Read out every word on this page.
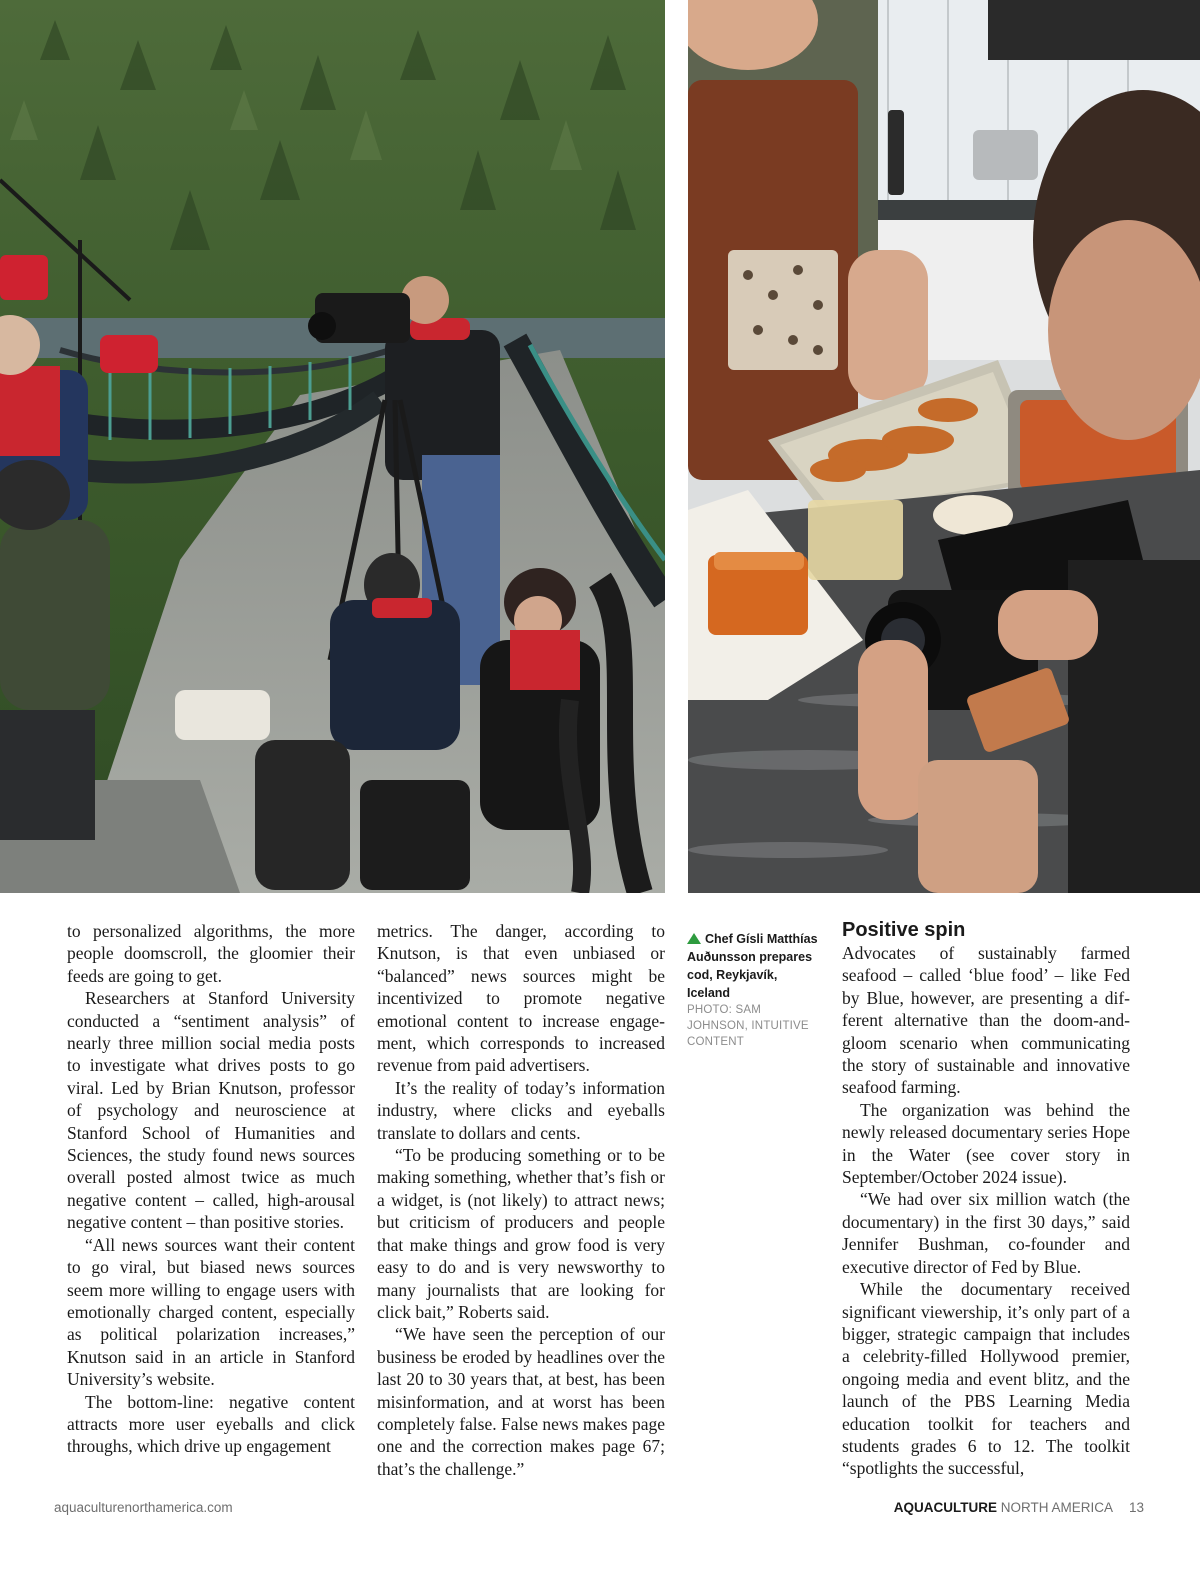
to personalized algorithms, the more people doomscroll, the gloomier their feeds are going to get.

Researchers at Stanford University conducted a “sentiment analysis” of nearly three million social media posts to investigate what drives posts to go viral. Led by Brian Knutson, professor of psychology and neuroscience at Stanford School of Humanities and Sciences, the study found news sources overall posted almost twice as much negative content – called, high-arousal negative content – than positive stories.

“All news sources want their content to go viral, but biased news sources seem more willing to engage users with emotionally charged content, especially as political polarization increases,” Knutson said in an article in Stanford University’s website.

The bottom-line: negative content attracts more user eyeballs and click throughs, which drive up engagement

metrics. The danger, according to Knutson, is that even unbiased or “balanced” news sources might be incentivized to promote negative emotional content to increase engagement, which corresponds to increased revenue from paid advertisers.

It’s the reality of today’s information industry, where clicks and eyeballs translate to dollars and cents.

“To be producing something or to be making something, whether that’s fish or a widget, is (not likely) to attract news; but criticism of producers and people that make things and grow food is very easy to do and is very newsworthy to many journalists that are looking for click bait,” Roberts said.

“We have seen the perception of our business be eroded by headlines over the last 20 to 30 years that, at best, has been misinformation, and at worst has been completely false. False news makes page one and the correction makes page 67; that’s the challenge.”

Chef Gísli Matthías Auðunsson prepares cod, Reykjavík, Iceland
PHOTO: SAM JOHNSON, INTUITIVE CONTENT
Positive spin

Advocates of sustainably farmed seafood – called ‘blue food’ – like Fed by Blue, however, are presenting a different alternative than the doom-and-gloom scenario when communicating the story of sustainable and innovative seafood farming.

The organization was behind the newly released documentary series Hope in the Water (see cover story in September/October 2024 issue).

“We had over six million watch (the documentary) in the first 30 days,” said Jennifer Bushman, co-founder and executive director of Fed by Blue.

While the documentary received significant viewership, it’s only part of a bigger, strategic campaign that includes a celebrity-filled Hollywood premier, ongoing media and event blitz, and the launch of the PBS Learning Media education toolkit for teachers and students grades 6 to 12. The toolkit “spotlights the successful,

aquaculturenorthamerica.com	AQUACULTURE NORTH AMERICA 13
